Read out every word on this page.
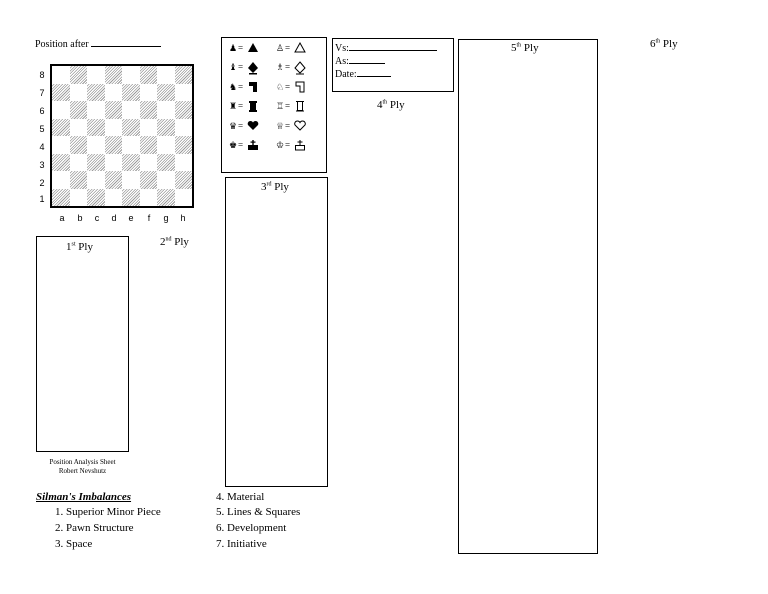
Position after
8
7
6
5
4
3
2
1
a	b	c	d	e	f	g	h
♟ =	♙ =
♝ =	♗ =
♞ =	♘ =
♜ =	♖ =
♛ =	♕ =
♚ =	♔ =
Vs:
As:
Date:
1st Ply	2nd Ply
3rd Ply
4th Ply
5th Ply	6th Ply
Position Analysis Sheet
Robert Nevshutz
Silman's Imbalances
1. Superior Minor Piece
2. Pawn Structure
3. Space
4. Material
5. Lines & Squares
6. Development
7. Initiative
